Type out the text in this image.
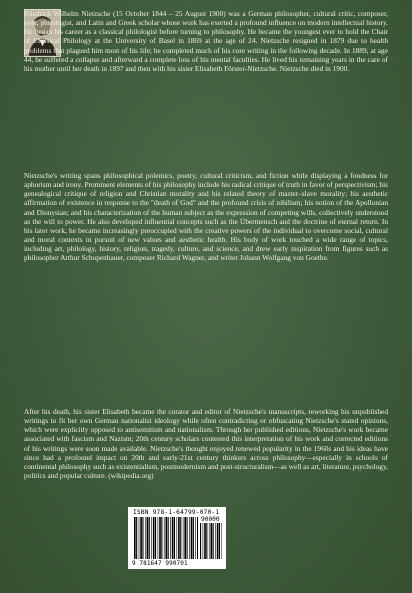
Friedrich Wilhelm Nietzsche (15 October 1844 – 25 August 1900) was a German philosopher, cultural critic, composer, poet, philologist, and Latin and Greek scholar whose work has exerted a profound influence on modern intellectual history. He began his career as a classical philologist before turning to philosophy. He became the youngest ever to hold the Chair of Classical Philology at the University of Basel in 1869 at the age of 24. Nietzsche resigned in 1879 due to health problems that plagued him most of his life; he completed much of his core writing in the following decade. In 1889, at age 44, he suffered a collapse and afterward a complete loss of his mental faculties. He lived his remaining years in the care of his mother until her death in 1897 and then with his sister Elisabeth Förster-Nietzsche. Nietzsche died in 1900.

Nietzsche's writing spans philosophical polemics, poetry, cultural criticism, and fiction while displaying a fondness for aphorism and irony. Prominent elements of his philosophy include his radical critique of truth in favor of perspectivism; his genealogical critique of religion and Christian morality and his related theory of master–slave morality; his aesthetic affirmation of existence in response to the "death of God" and the profound crisis of nihilism; his notion of the Apollonian and Dionysian; and his characterization of the human subject as the expression of competing wills, collectively understood as the will to power. He also developed influential concepts such as the Übermensch and the doctrine of eternal return. In his later work, he became increasingly preoccupied with the creative powers of the individual to overcome social, cultural and moral contexts in pursuit of new values and aesthetic health. His body of work touched a wide range of topics, including art, philology, history, religion, tragedy, culture, and science, and drew early inspiration from figures such as philosopher Arthur Schopenhauer, composer Richard Wagner, and writer Johann Wolfgang von Goethe.

After his death, his sister Elisabeth became the curator and editor of Nietzsche's manuscripts, reworking his unpublished writings to fit her own German nationalist ideology while often contradicting or obfuscating Nietzsche's stated opinions, which were explicitly opposed to antisemitism and nationalism. Through her published editions, Nietzsche's work became associated with fascism and Nazism; 20th century scholars contested this interpretation of his work and corrected editions of his writings were soon made available. Nietzsche's thought enjoyed renewed popularity in the 1960s and his ideas have since had a profound impact on 20th and early-21st century thinkers across philosophy—especially in schools of continental philosophy such as existentialism, postmodernism and post-structuralism—as well as art, literature, psychology, politics and popular culture. (wikipedia.org)

ISBN 978-1-64799-070-1
90000
9 781647 990701
